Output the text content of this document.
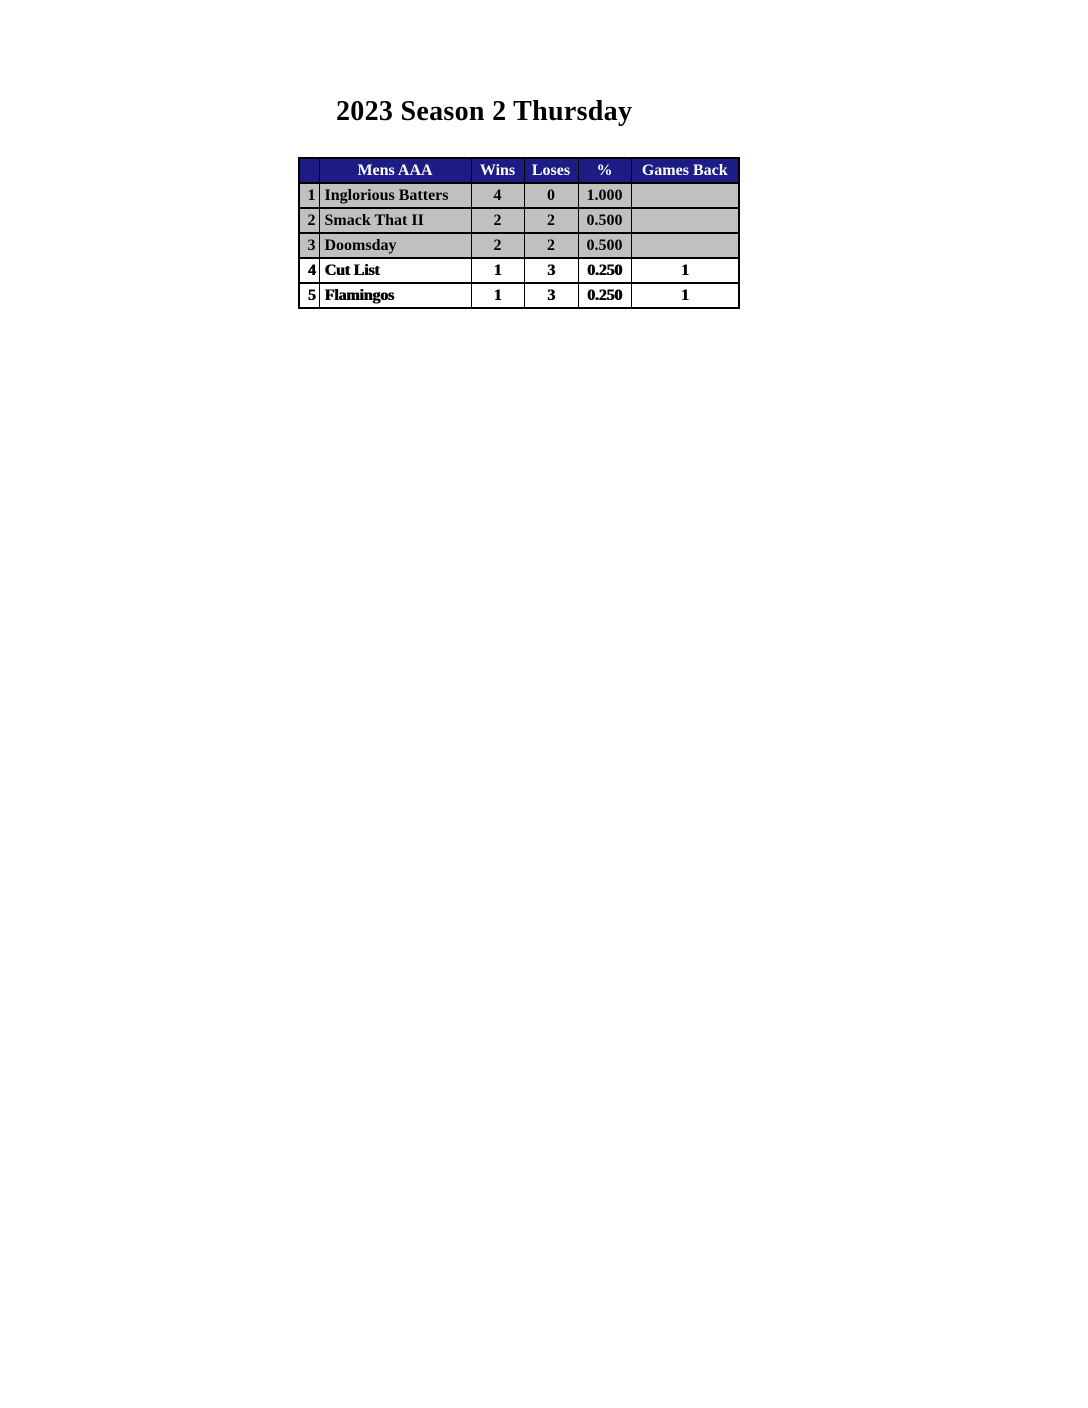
2023 Season 2 Thursday
	Mens AAA	Wins	Loses	%	Games Back
1	Inglorious Batters	4	0	1.000	
2	Smack That II	2	2	0.500	
3	Doomsday	2	2	0.500	
4	Cut List	1	3	0.250	1
5	Flamingos	1	3	0.250	1
